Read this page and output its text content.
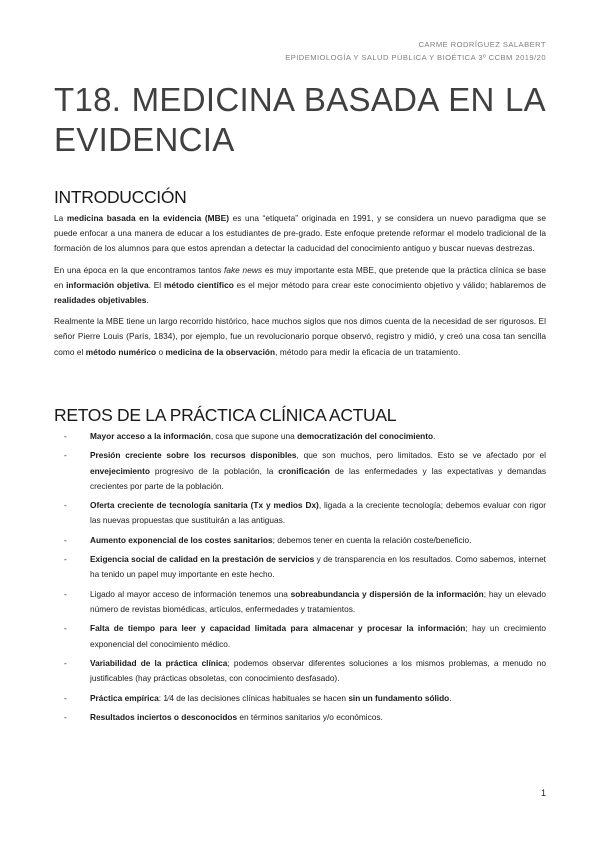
CARME RODRÍGUEZ SALABERT
EPIDEMIOLOGÍA Y SALUD PÚBLICA Y BIOÉTICA 3º CCBM 2019/20
T18. MEDICINA BASADA EN LA EVIDENCIA
INTRODUCCIÓN

La medicina basada en la evidencia (MBE) es una “etiqueta” originada en 1991, y se considera un nuevo paradigma que se puede enfocar a una manera de educar a los estudiantes de pre-grado. Este enfoque pretende reformar el modelo tradicional de la formación de los alumnos para que estos aprendan a detectar la caducidad del conocimiento antiguo y buscar nuevas destrezas.

En una época en la que encontramos tantos fake news es muy importante esta MBE, que pretende que la práctica clínica se base en información objetiva. El método científico es el mejor método para crear este conocimiento objetivo y válido; hablaremos de realidades objetivables.

Realmente la MBE tiene un largo recorrido histórico, hace muchos siglos que nos dimos cuenta de la necesidad de ser rigurosos. El señor Pierre Louis (París, 1834), por ejemplo, fue un revolucionario porque observó, registro y midió, y creó una cosa tan sencilla como el método numérico o medicina de la observación, método para medir la eficacia de un tratamiento.

RETOS DE LA PRÁCTICA CLÍNICA ACTUAL
-	Mayor acceso a la información, cosa que supone una democratización del conocimiento.
-	Presión creciente sobre los recursos disponibles, que son muchos, pero limitados. Esto se ve afectado por el envejecimiento progresivo de la población, la cronificación de las enfermedades y las expectativas y demandas crecientes por parte de la población.
-	Oferta creciente de tecnología sanitaria (Tx y medios Dx), ligada a la creciente tecnología; debemos evaluar con rigor las nuevas propuestas que sustituirán a las antiguas.
-	Aumento exponencial de los costes sanitarios; debemos tener en cuenta la relación coste/beneficio.
-	Exigencia social de calidad en la prestación de servicios y de transparencia en los resultados. Como sabemos, internet ha tenido un papel muy importante en este hecho.
-	Ligado al mayor acceso de información tenemos una sobreabundancia y dispersión de la información; hay un elevado número de revistas biomédicas, artículos, enfermedades y tratamientos.
-	Falta de tiempo para leer y capacidad limitada para almacenar y procesar la información; hay un crecimiento exponencial del conocimiento médico.
-	Variabilidad de la práctica clínica; podemos observar diferentes soluciones a los mismos problemas, a menudo no justificables (hay prácticas obsoletas, con conocimiento desfasado).
-	Práctica empírica: 1⁄4 de las decisiones clínicas habituales se hacen sin un fundamento sólido.
-	Resultados inciertos o desconocidos en términos sanitarios y/o económicos.
1
